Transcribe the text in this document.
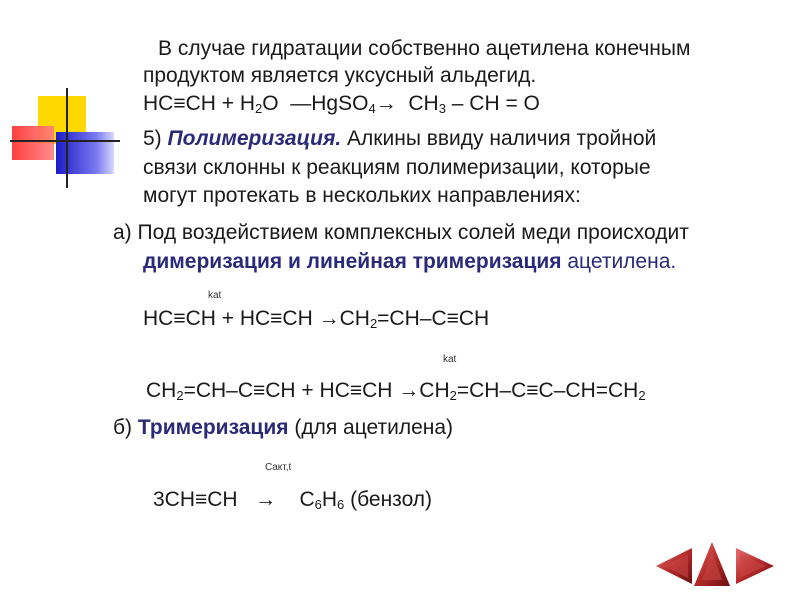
В случае гидратации собственно ацетилена конечным
продуктом является уксусный альдегид.
$HC\equiv CH + H_2O$ —HgSO$_4$→ $CH_3$ – CH = O
5) Полимеризация. Алкины ввиду наличия тройной
связи склонны к реакциям полимеризации, которые
могут протекать в нескольких направлениях:
а) Под воздействием комплексных солей меди происходит
димеризация и линейная тримеризация ацетилена.
kat
$HC\equiv CH + HC\equiv CH \to CH_2=CH-C\equiv CH$
kat
$CH_2=CH-C\equiv CH + HC\equiv CH \to CH_2=CH-C\equiv C-CH=CH_2$
б) Тримеризация (для ацетилена)
Cакт,t
$3CH\equiv CH \to C_6H_6$ (бензол)
